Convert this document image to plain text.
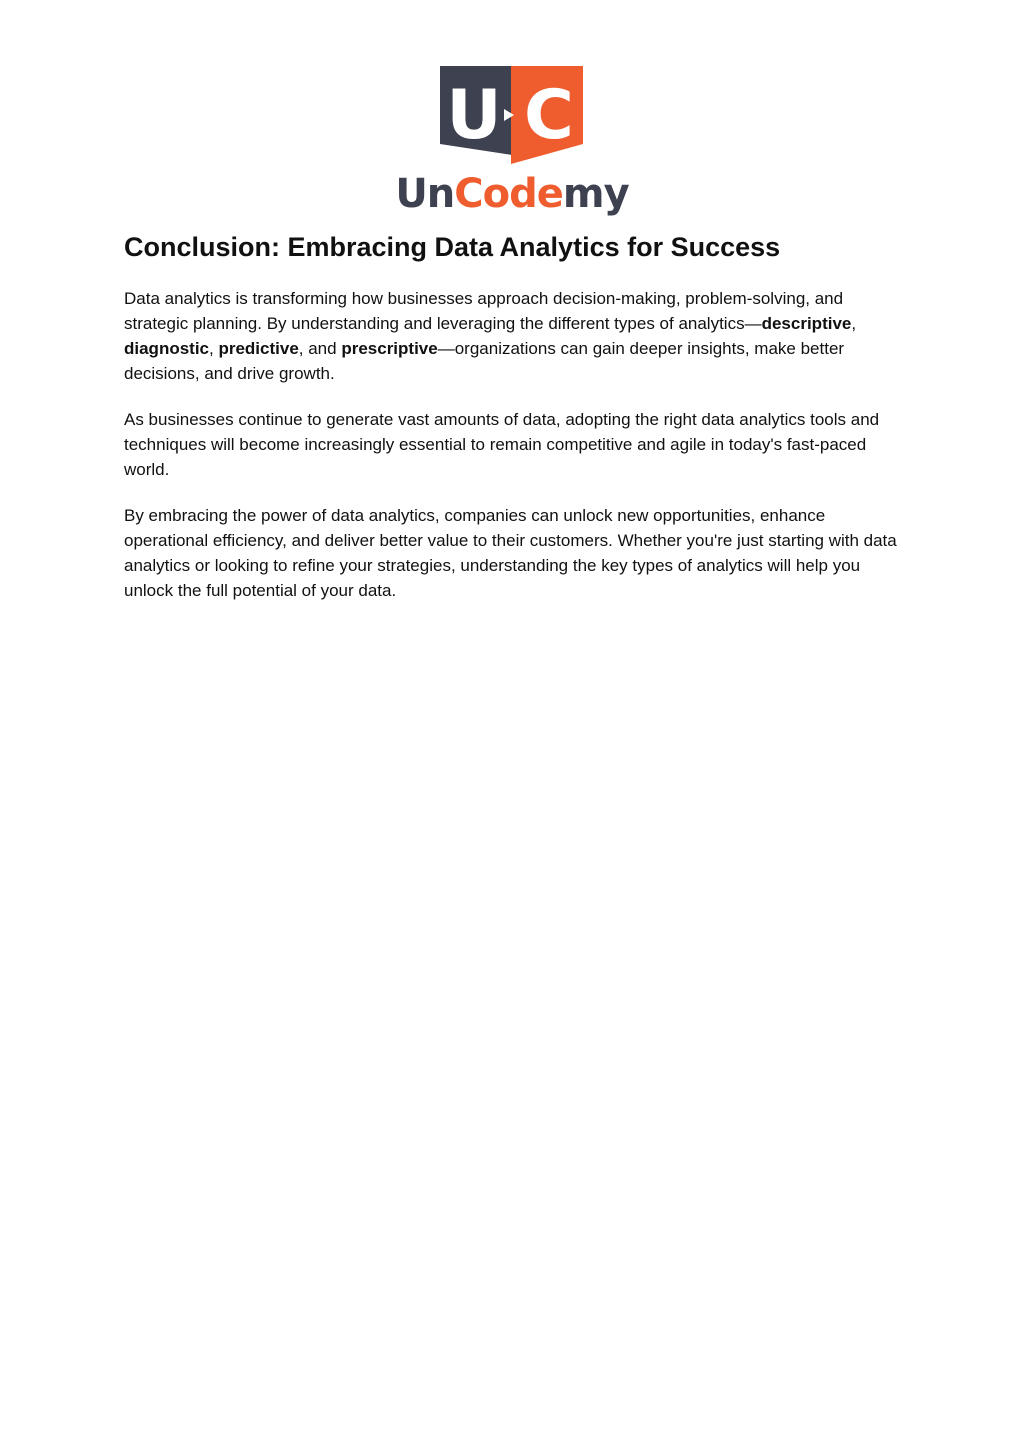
U C
UnCodemy
Conclusion: Embracing Data Analytics for Success

Data analytics is transforming how businesses approach decision-making, problem-solving, and strategic planning. By understanding and leveraging the different types of analytics—descriptive, diagnostic, predictive, and prescriptive—organizations can gain deeper insights, make better decisions, and drive growth.

As businesses continue to generate vast amounts of data, adopting the right data analytics tools and techniques will become increasingly essential to remain competitive and agile in today's fast-paced world.

By embracing the power of data analytics, companies can unlock new opportunities, enhance operational efficiency, and deliver better value to their customers. Whether you're just starting with data analytics or looking to refine your strategies, understanding the key types of analytics will help you unlock the full potential of your data.
